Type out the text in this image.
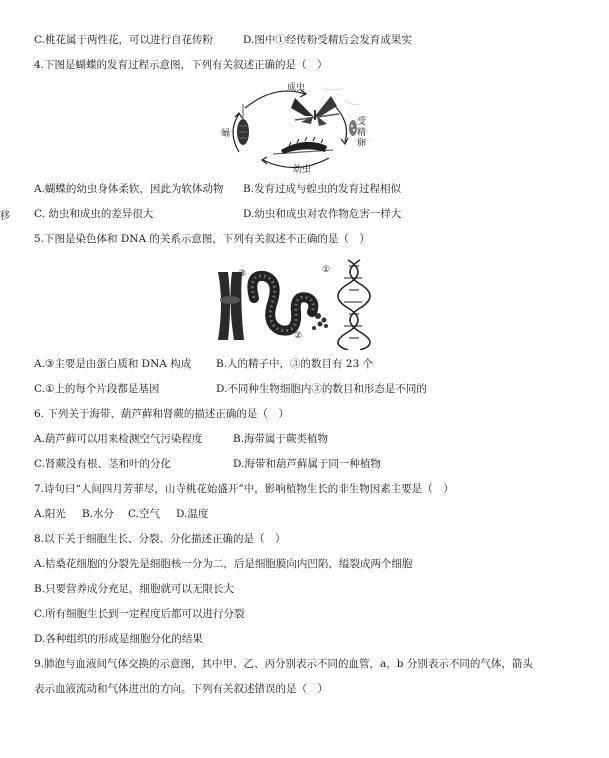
C.桃花属于两性花，可以进行自花传粉	D.图中①经传粉受精后会发育成果实
4.下图是蝴蝶的发育过程示意图，下列有关叙述正确的是（　）
成虫
受
精
卵
幼虫
蛹
A.蝴蝶的幼虫身体柔软，因此为软体动物 B.发育过成与蝗虫的发育过程相似
移 C. 幼虫和成虫的差异很大	D.幼虫和成虫对农作物危害一样大
5.下图是染色体和 DNA 的关系示意图，下列有关叙述不正确的是（　）
①
②
③
A.③主要是由蛋白质和 DNA 构成 B.人的精子中，③的数目有 23 个
C.①上的每个片段都是基因	D.不同种生物细胞内③的数目和形态是不同的
6. 下列关于海带、葫芦藓和肾蕨的描述正确的是（　）
A.葫芦藓可以用来检测空气污染程度	B.海带属于蕨类植物
C.肾蕨没有根、茎和叶的分化	D.海带和葫芦藓属于同一种植物
7.诗句曰“人间四月芳菲尽，山寺桃花始盛开”中，影响植物生长的非生物因素主要是（　）
A.阳光 B.水分 C.空气 D.温度
8.以下关于细胞生长、分裂、分化描述正确的是（　）
A.桔桑花细胞的分裂先是细胞核一分为二，后是细胞膜向内凹陷，缢裂成两个细胞
B.只要营养成分充足，细胞就可以无限长大
C.所有细胞生长到一定程度后都可以进行分裂
D.各种组织的形成是细胞分化的结果
9.肺泡与血液间气体交换的示意图，其中甲、乙、丙分别表示不同的血管，a，b 分别表示不同的气体，箭头
表示血液流动和气体进出的方向。下列有关叙述错误的是（　）
